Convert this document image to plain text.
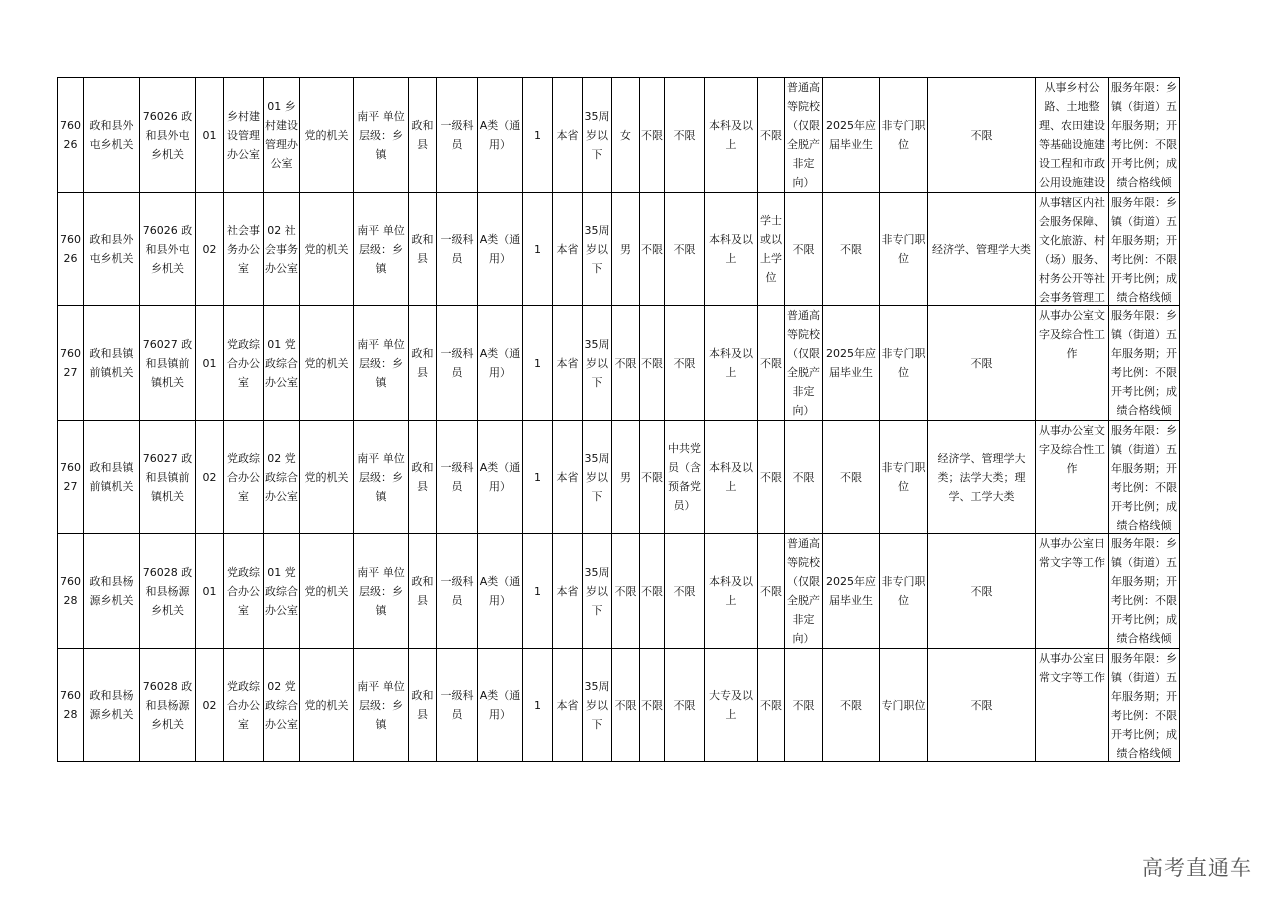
76026	政和县外屯乡机关	76026 政和县外屯乡机关	01	乡村建设管理办公室	01 乡村建设管理办公室	党的机关	南平 单位层级：乡镇	政和县	一级科员	A类（通用）	1	本省	35周岁以下	女	不限	不限	本科及以上	不限	普通高等院校（仅限全脱产非定向）	2025年应届毕业生	非专门职位	不限	从事乡村公路、土地整理、农田建设等基础设施建设工程和市政公用设施建设	服务年限：乡镇（街道）五年服务期；开考比例：不限开考比例；成绩合格线倾

76026	政和县外屯乡机关	76026 政和县外屯乡机关	02	社会事务办公室	02 社会事务办公室	党的机关	南平 单位层级：乡镇	政和县	一级科员	A类（通用）	1	本省	35周岁以下	男	不限	不限	本科及以上	学士或以上学位	不限	不限	非专门职位	经济学、管理学大类	从事辖区内社会服务保障、文化旅游、村（场）服务、村务公开等社会事务管理工	服务年限：乡镇（街道）五年服务期；开考比例：不限开考比例；成绩合格线倾

76027	政和县镇前镇机关	76027 政和县镇前镇机关	01	党政综合办公室	01 党政综合办公室	党的机关	南平 单位层级：乡镇	政和县	一级科员	A类（通用）	1	本省	35周岁以下	不限	不限	不限	本科及以上	不限	普通高等院校（仅限全脱产非定向）	2025年应届毕业生	非专门职位	不限	从事办公室文字及综合性工作	服务年限：乡镇（街道）五年服务期；开考比例：不限开考比例；成绩合格线倾

76027	政和县镇前镇机关	76027 政和县镇前镇机关	02	党政综合办公室	02 党政综合办公室	党的机关	南平 单位层级：乡镇	政和县	一级科员	A类（通用）	1	本省	35周岁以下	男	不限	中共党员（含预备党员）	本科及以上	不限	不限	不限	非专门职位	经济学、管理学大类；法学大类；理学、工学大类	从事办公室文字及综合性工作	服务年限：乡镇（街道）五年服务期；开考比例：不限开考比例；成绩合格线倾

76028	政和县杨源乡机关	76028 政和县杨源乡机关	01	党政综合办公室	01 党政综合办公室	党的机关	南平 单位层级：乡镇	政和县	一级科员	A类（通用）	1	本省	35周岁以下	不限	不限	不限	本科及以上	不限	普通高等院校（仅限全脱产非定向）	2025年应届毕业生	非专门职位	不限	从事办公室日常文字等工作	服务年限：乡镇（街道）五年服务期；开考比例：不限开考比例；成绩合格线倾

76028	政和县杨源乡机关	76028 政和县杨源乡机关	02	党政综合办公室	02 党政综合办公室	党的机关	南平 单位层级：乡镇	政和县	一级科员	A类（通用）	1	本省	35周岁以下	不限	不限	不限	大专及以上	不限	不限	不限	专门职位	不限	从事办公室日常文字等工作	服务年限：乡镇（街道）五年服务期；开考比例：不限开考比例；成绩合格线倾
高考直通车
